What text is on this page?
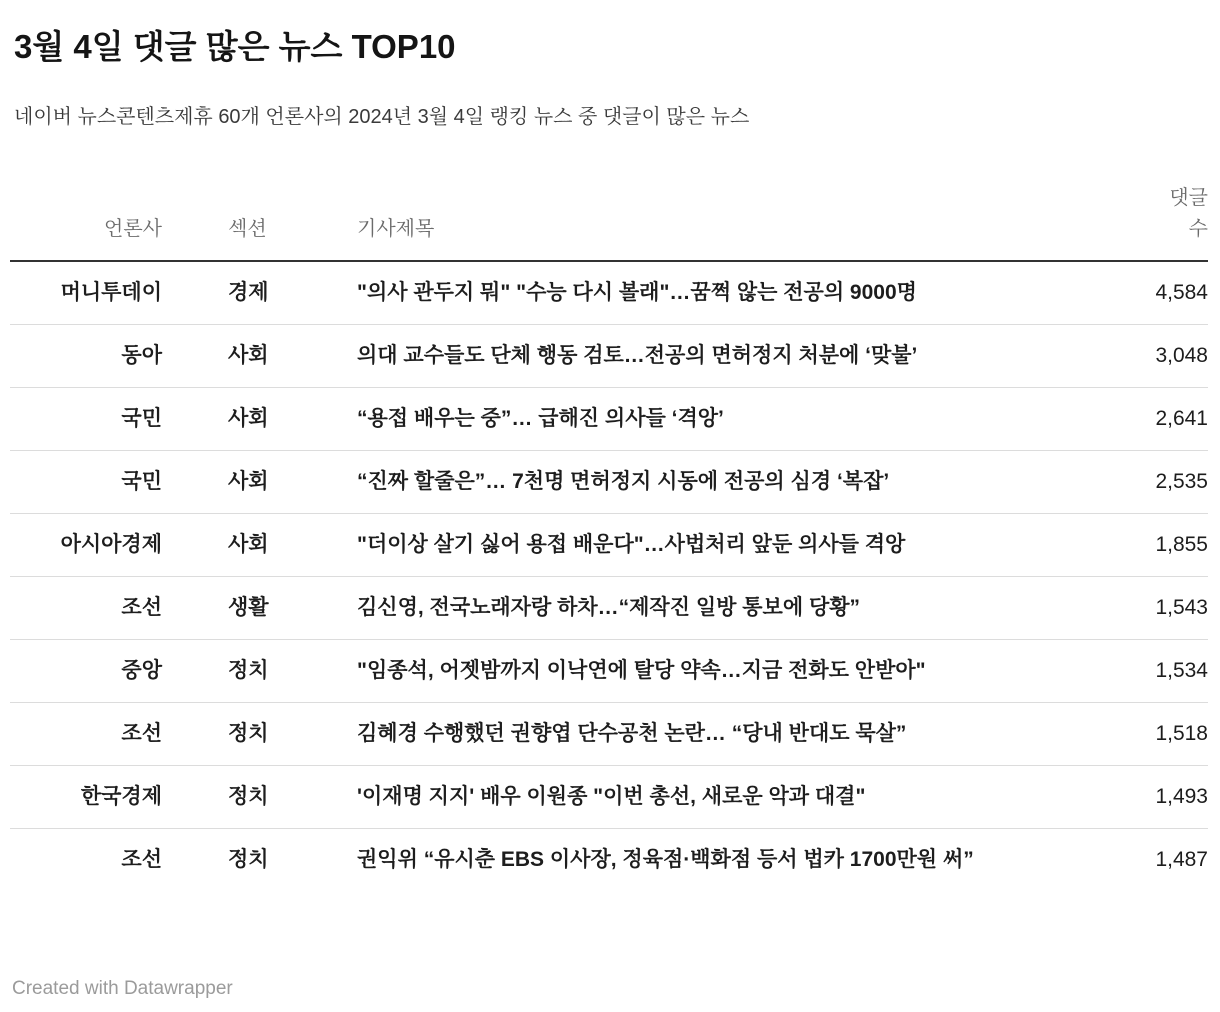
3월 4일 댓글 많은 뉴스 TOP10

네이버 뉴스콘텐츠제휴 60개 언론사의 2024년 3월 4일 랭킹 뉴스 중 댓글이 많은 뉴스

언론사	섹션	기사제목	댓글 수
머니투데이	경제	"의사 관두지 뭐" "수능 다시 볼래"…꿈쩍 않는 전공의 9000명	4,584
동아	사회	의대 교수들도 단체 행동 검토…전공의 면허정지 처분에 ‘맞불’	3,048
국민	사회	“용접 배우는 중”… 급해진 의사들 ‘격앙’	2,641
국민	사회	“진짜 할줄은”… 7천명 면허정지 시동에 전공의 심경 ‘복잡’	2,535
아시아경제	사회	"더이상 살기 싫어 용접 배운다"…사법처리 앞둔 의사들 격앙	1,855
조선	생활	김신영, 전국노래자랑 하차…“제작진 일방 통보에 당황”	1,543
중앙	정치	"임종석, 어젯밤까지 이낙연에 탈당 약속…지금 전화도 안받아"	1,534
조선	정치	김혜경 수행했던 권향엽 단수공천 논란… “당내 반대도 묵살”	1,518
한국경제	정치	'이재명 지지' 배우 이원종 "이번 총선, 새로운 악과 대결"	1,493
조선	정치	권익위 “유시춘 EBS 이사장, 정육점·백화점 등서 법카 1700만원 써”	1,487
Created with Datawrapper
